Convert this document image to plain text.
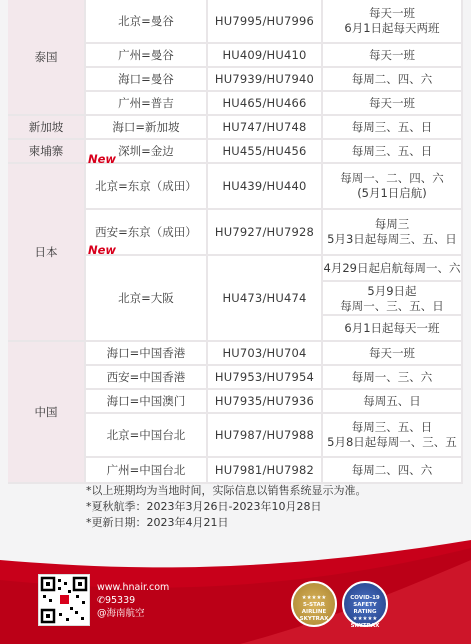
泰国	北京=曼谷	HU7995/HU7996	每天一班
6月1日起每天两班

	广州=曼谷	HU409/HU410	每天一班
	海口=曼谷	HU7939/HU7940	每周二、四、六
	广州=普吉	HU465/HU466	每天一班
新加坡	海口=新加坡	HU747/HU748	每周三、五、日
柬埔寨	深圳=金边	HU455/HU456	每周三、五、日
日本	北京=东京（成田）	HU439/HU440	每周一、二、四、六
(5月1日启航)

	西安=东京（成田）	HU7927/HU7928	每周三
5月3日起每周三、五、日

	北京=大阪	HU473/HU474	4月29日起启航每周一、六
5月9日起
每周一、三、五、日
6月1日起每天一班

中国	海口=中国香港	HU703/HU704	每天一班
	西安=中国香港	HU7953/HU7954	每周一、三、六
	海口=中国澳门	HU7935/HU7936	每周五、日
	北京=中国台北	HU7987/HU7988	每周三、五、日
5月8日起每周一、三、五

	广州=中国台北	HU7981/HU7982	每周二、四、六
New
New
*以上班期均为当地时间，实际信息以销售系统显示为准。
*夏秋航季：2023年3月26日-2023年10月28日
*更新日期：2023年4月21日
www.hnair.com
✆95339
@海南航空
★★★★★
5-STAR AIRLINE
SKYTRAX
COVID-19
SAFETY RATING
★★★★★
SKYTRAX
